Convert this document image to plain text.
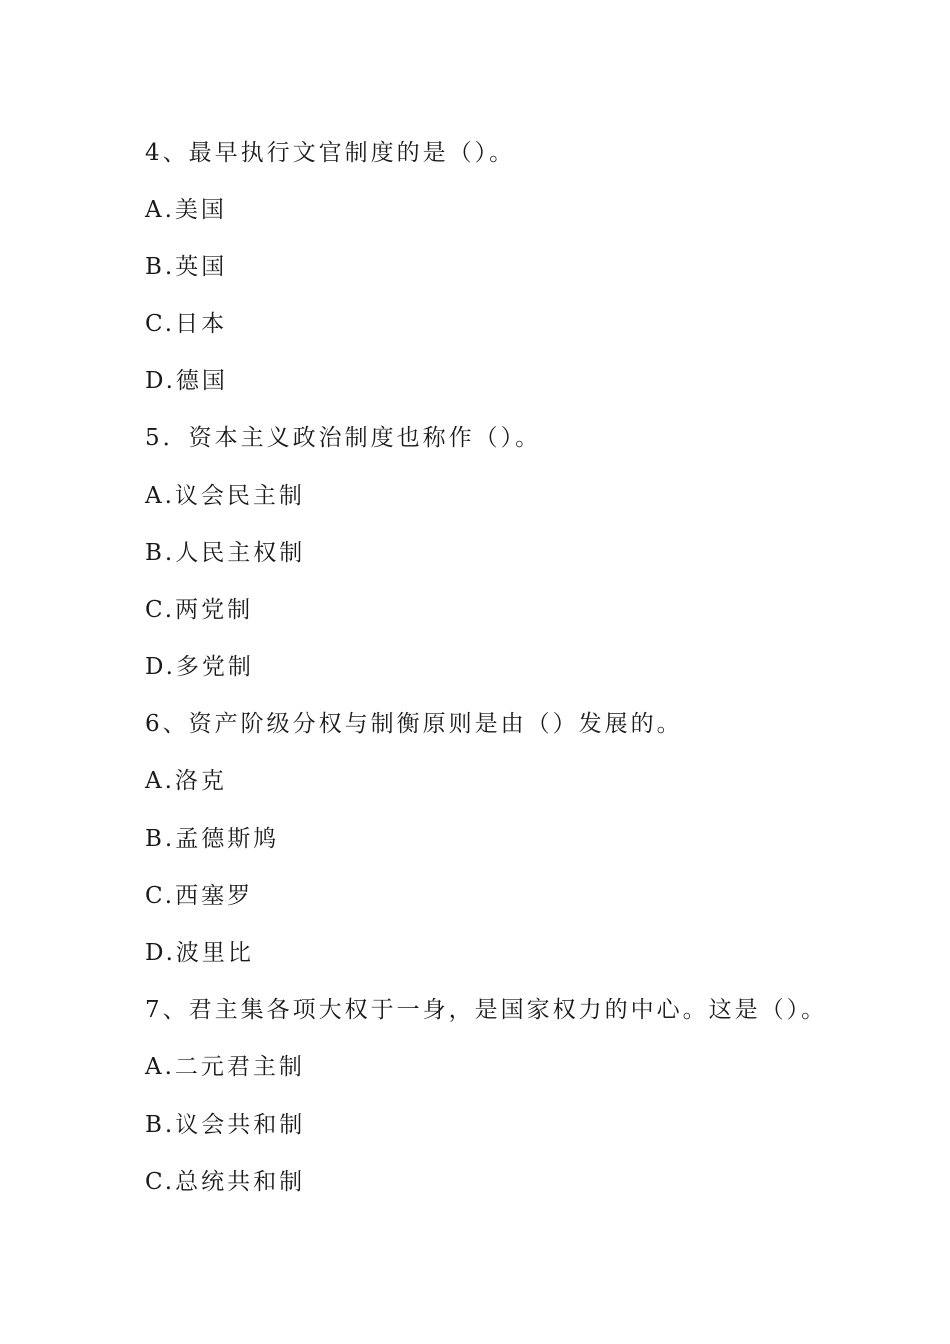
4、最早执行文官制度的是（）。
A.美国
B.英国
C.日本
D.德国
5．资本主义政治制度也称作（）。
A.议会民主制
B.人民主权制
C.两党制
D.多党制
6、资产阶级分权与制衡原则是由（）发展的。
A.洛克
B.孟德斯鸠
C.西塞罗
D.波里比
7、君主集各项大权于一身，是国家权力的中心。这是（）。
A.二元君主制
B.议会共和制
C.总统共和制
